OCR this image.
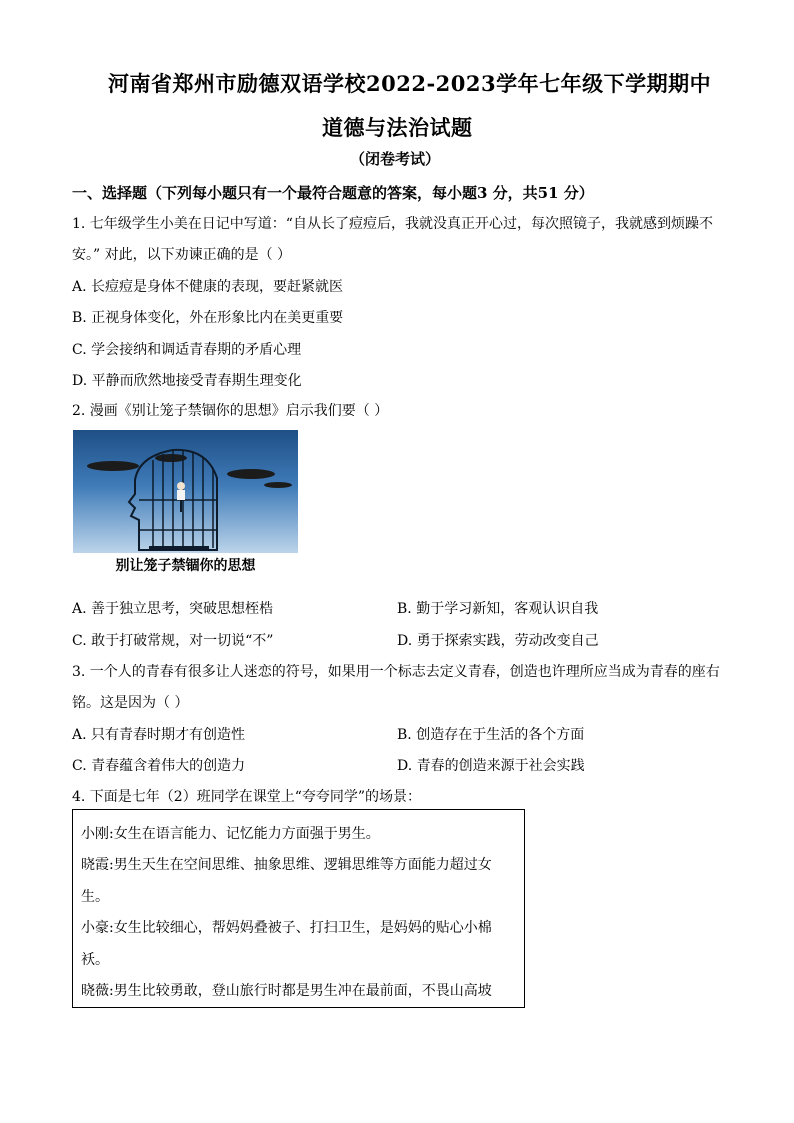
河南省郑州市励德双语学校2022-2023学年七年级下学期期中
道德与法治试题
（闭卷考试）
一、选择题（下列每小题只有一个最符合题意的答案，每小题3 分，共51 分）
1. 七年级学生小美在日记中写道：“自从长了痘痘后，我就没真正开心过，每次照镜子，我就感到烦躁不
安。” 对此，以下劝谏正确的是（ ）
A. 长痘痘是身体不健康的表现，要赶紧就医
B. 正视身体变化，外在形象比内在美更重要
C. 学会接纳和调适青春期的矛盾心理
D. 平静而欣然地接受青春期生理变化
2. 漫画《别让笼子禁锢你的思想》启示我们要（ ）
别让笼子禁锢你的思想
A. 善于独立思考，突破思想桎梏	B. 勤于学习新知，客观认识自我
C. 敢于打破常规，对一切说“不”	D. 勇于探索实践，劳动改变自己
3. 一个人的青春有很多让人迷恋的符号，如果用一个标志去定义青春，创造也许理所应当成为青春的座右
铭。这是因为（ ）
A. 只有青春时期才有创造性	B. 创造存在于生活的各个方面
C. 青春蕴含着伟大的创造力	D. 青春的创造来源于社会实践
4. 下面是七年（2）班同学在课堂上“夸夸同学”的场景：
小刚:女生在语言能力、记忆能力方面强于男生。
晓霞:男生天生在空间思维、抽象思维、逻辑思维等方面能力超过女
生。
小豪:女生比较细心，帮妈妈叠被子、打扫卫生，是妈妈的贴心小棉
袄。
晓薇:男生比较勇敢，登山旅行时都是男生冲在最前面，不畏山高坡
